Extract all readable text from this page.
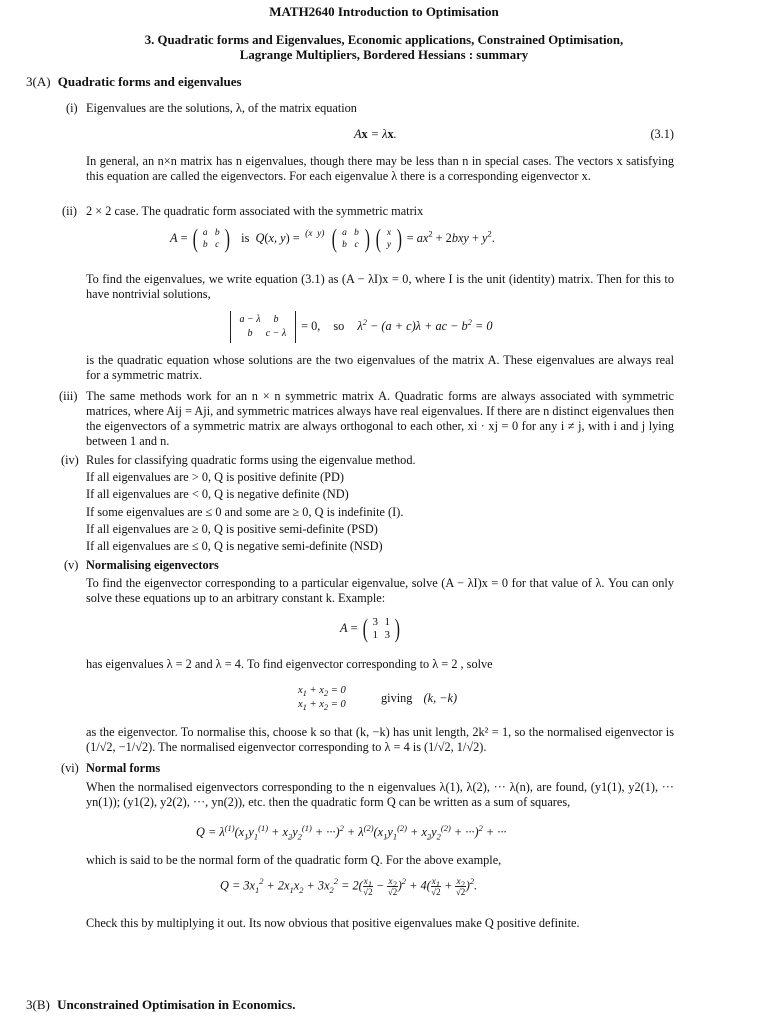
MATH2640 Introduction to Optimisation
3. Quadratic forms and Eigenvalues, Economic applications, Constrained Optimisation,
Lagrange Multipliers, Bordered Hessians : summary
3(A) Quadratic forms and eigenvalues
(i) Eigenvalues are the solutions, λ, of the matrix equation
Ax = λx.	(3.1)
In general, an n×n matrix has n eigenvalues, though there may be less than n in special cases. The vectors x satisfying this equation are called the eigenvectors. For each eigenvalue λ there is a corresponding eigenvector x.
(ii) 2 × 2 case. The quadratic form associated with the symmetric matrix
A = ( a b
b c )   is  Q(x, y) = (x y) ( a b
b c ) ( x
y ) = $ax^2 + 2bxy + y^2$.
To find the eigenvalues, we write equation (3.1) as (A − λI)x = 0, where I is the unit (identity) matrix. Then for this to have nontrivial solutions,
a − λ b
b c − λ = 0, so $\lambda^2 - (a + c)\lambda$ + ac − $b^2 = 0$
is the quadratic equation whose solutions are the two eigenvalues of the matrix A. These eigenvalues are always real for a symmetric matrix.
(iii) The same methods work for an n × n symmetric matrix A. Quadratic forms are always associated with symmetric matrices, where Aij = Aji, and symmetric matrices always have real eigenvalues. If there are n distinct eigenvalues then the eigenvectors of a symmetric matrix are always orthogonal to each other, xi · xj = 0 for any i ≠ j, with i and j lying between 1 and n.
(iv) Rules for classifying quadratic forms using the eigenvalue method.
If all eigenvalues are > 0, Q is positive definite (PD)
If all eigenvalues are < 0, Q is negative definite (ND)
If some eigenvalues are ≤ 0 and some are ≥ 0, Q is indefinite (I).
If all eigenvalues are ≥ 0, Q is positive semi-definite (PSD)
If all eigenvalues are ≤ 0, Q is negative semi-definite (NSD)
(v) Normalising eigenvectors
To find the eigenvector corresponding to a particular eigenvalue, solve (A − λI)x = 0 for that value of λ. You can only solve these equations up to an arbitrary constant k. Example:
A = ( 3 1
1 3 )
has eigenvalues λ = 2 and λ = 4. To find eigenvector corresponding to λ = 2 , solve
$x_1 + x_2 = 0$
$x_1 + x_2 = 0$	giving (k, −k)
as the eigenvector. To normalise this, choose k so that (k, −k) has unit length, 2k² = 1, so the normalised eigenvector is (1/√2, −1/√2). The normalised eigenvector corresponding to λ = 4 is (1/√2, 1/√2).
(vi) Normal forms
When the normalised eigenvectors corresponding to the n eigenvalues λ(1), λ(2), ··· λ(n), are found, (y1(1), y2(1), ··· yn(1)); (y1(2), y2(2), ···, yn(2)), etc. then the quadratic form Q can be written as a sum of squares,
$Q = \lambda^{(1)}(x_1y_1^{(1)} + x_2y_2^{(1)} + \cdot\cdot\cdot)^2 + \lambda^{(2)}(x_1y_1^{(2)} + x_2y_2^{(2)} + \cdot\cdot\cdot)^2$ + ···
which is said to be the normal form of the quadratic form Q. For the above example,
$Q = 3x_1^2 + 2x_1x_2 + 3x_2^2 = 2( \frac{x_1}{√2} - \frac{x_2}{√2} )^2 + 4( \frac{x_1}{√2} + \frac{x_2}{√2} )^2$.
Check this by multiplying it out. Its now obvious that positive eigenvalues make Q positive definite.
3(B) Unconstrained Optimisation in Economics.
